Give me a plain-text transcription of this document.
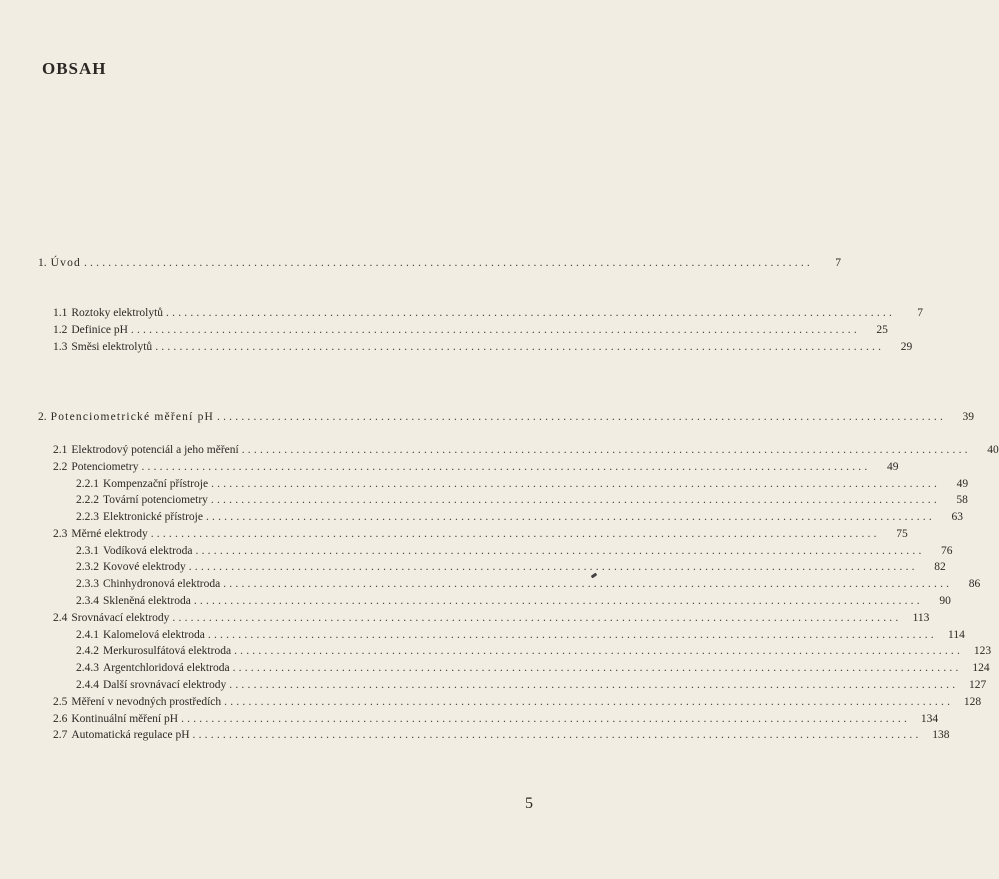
OBSAH
1. Úvod ........................................................................................................................	7
1.1 Roztoky elektrolytů ........................................................................................................................	7
1.2 Definice pH ........................................................................................................................	25
1.3 Směsi elektrolytů ........................................................................................................................	29
2. Potenciometrické měření pH ........................................................................................................................	39
2.1 Elektrodový potenciál a jeho měření ........................................................................................................................	40
2.2 Potenciometry ........................................................................................................................	49
2.2.1 Kompenzační přístroje ........................................................................................................................	49
2.2.2 Tovární potenciometry ........................................................................................................................	58
2.2.3 Elektronické přístroje ........................................................................................................................	63
2.3 Měrné elektrody ........................................................................................................................	75
2.3.1 Vodíková elektroda ........................................................................................................................	76
2.3.2 Kovové elektrody ........................................................................................................................	82
2.3.3 Chinhydronová elektroda ........................................................................................................................	86
2.3.4 Skleněná elektroda ........................................................................................................................	90
2.4 Srovnávací elektrody ........................................................................................................................ 113
2.4.1 Kalomelová elektroda ........................................................................................................................ 114
2.4.2 Merkurosulfátová elektroda ........................................................................................................................ 123
2.4.3 Argentchloridová elektroda ........................................................................................................................ 124
2.4.4 Další srovnávací elektrody ........................................................................................................................ 127
2.5 Měření v nevodných prostředích ........................................................................................................................ 128
2.6 Kontinuální měření pH ........................................................................................................................ 134
2.7 Automatická regulace pH ........................................................................................................................ 138
5
